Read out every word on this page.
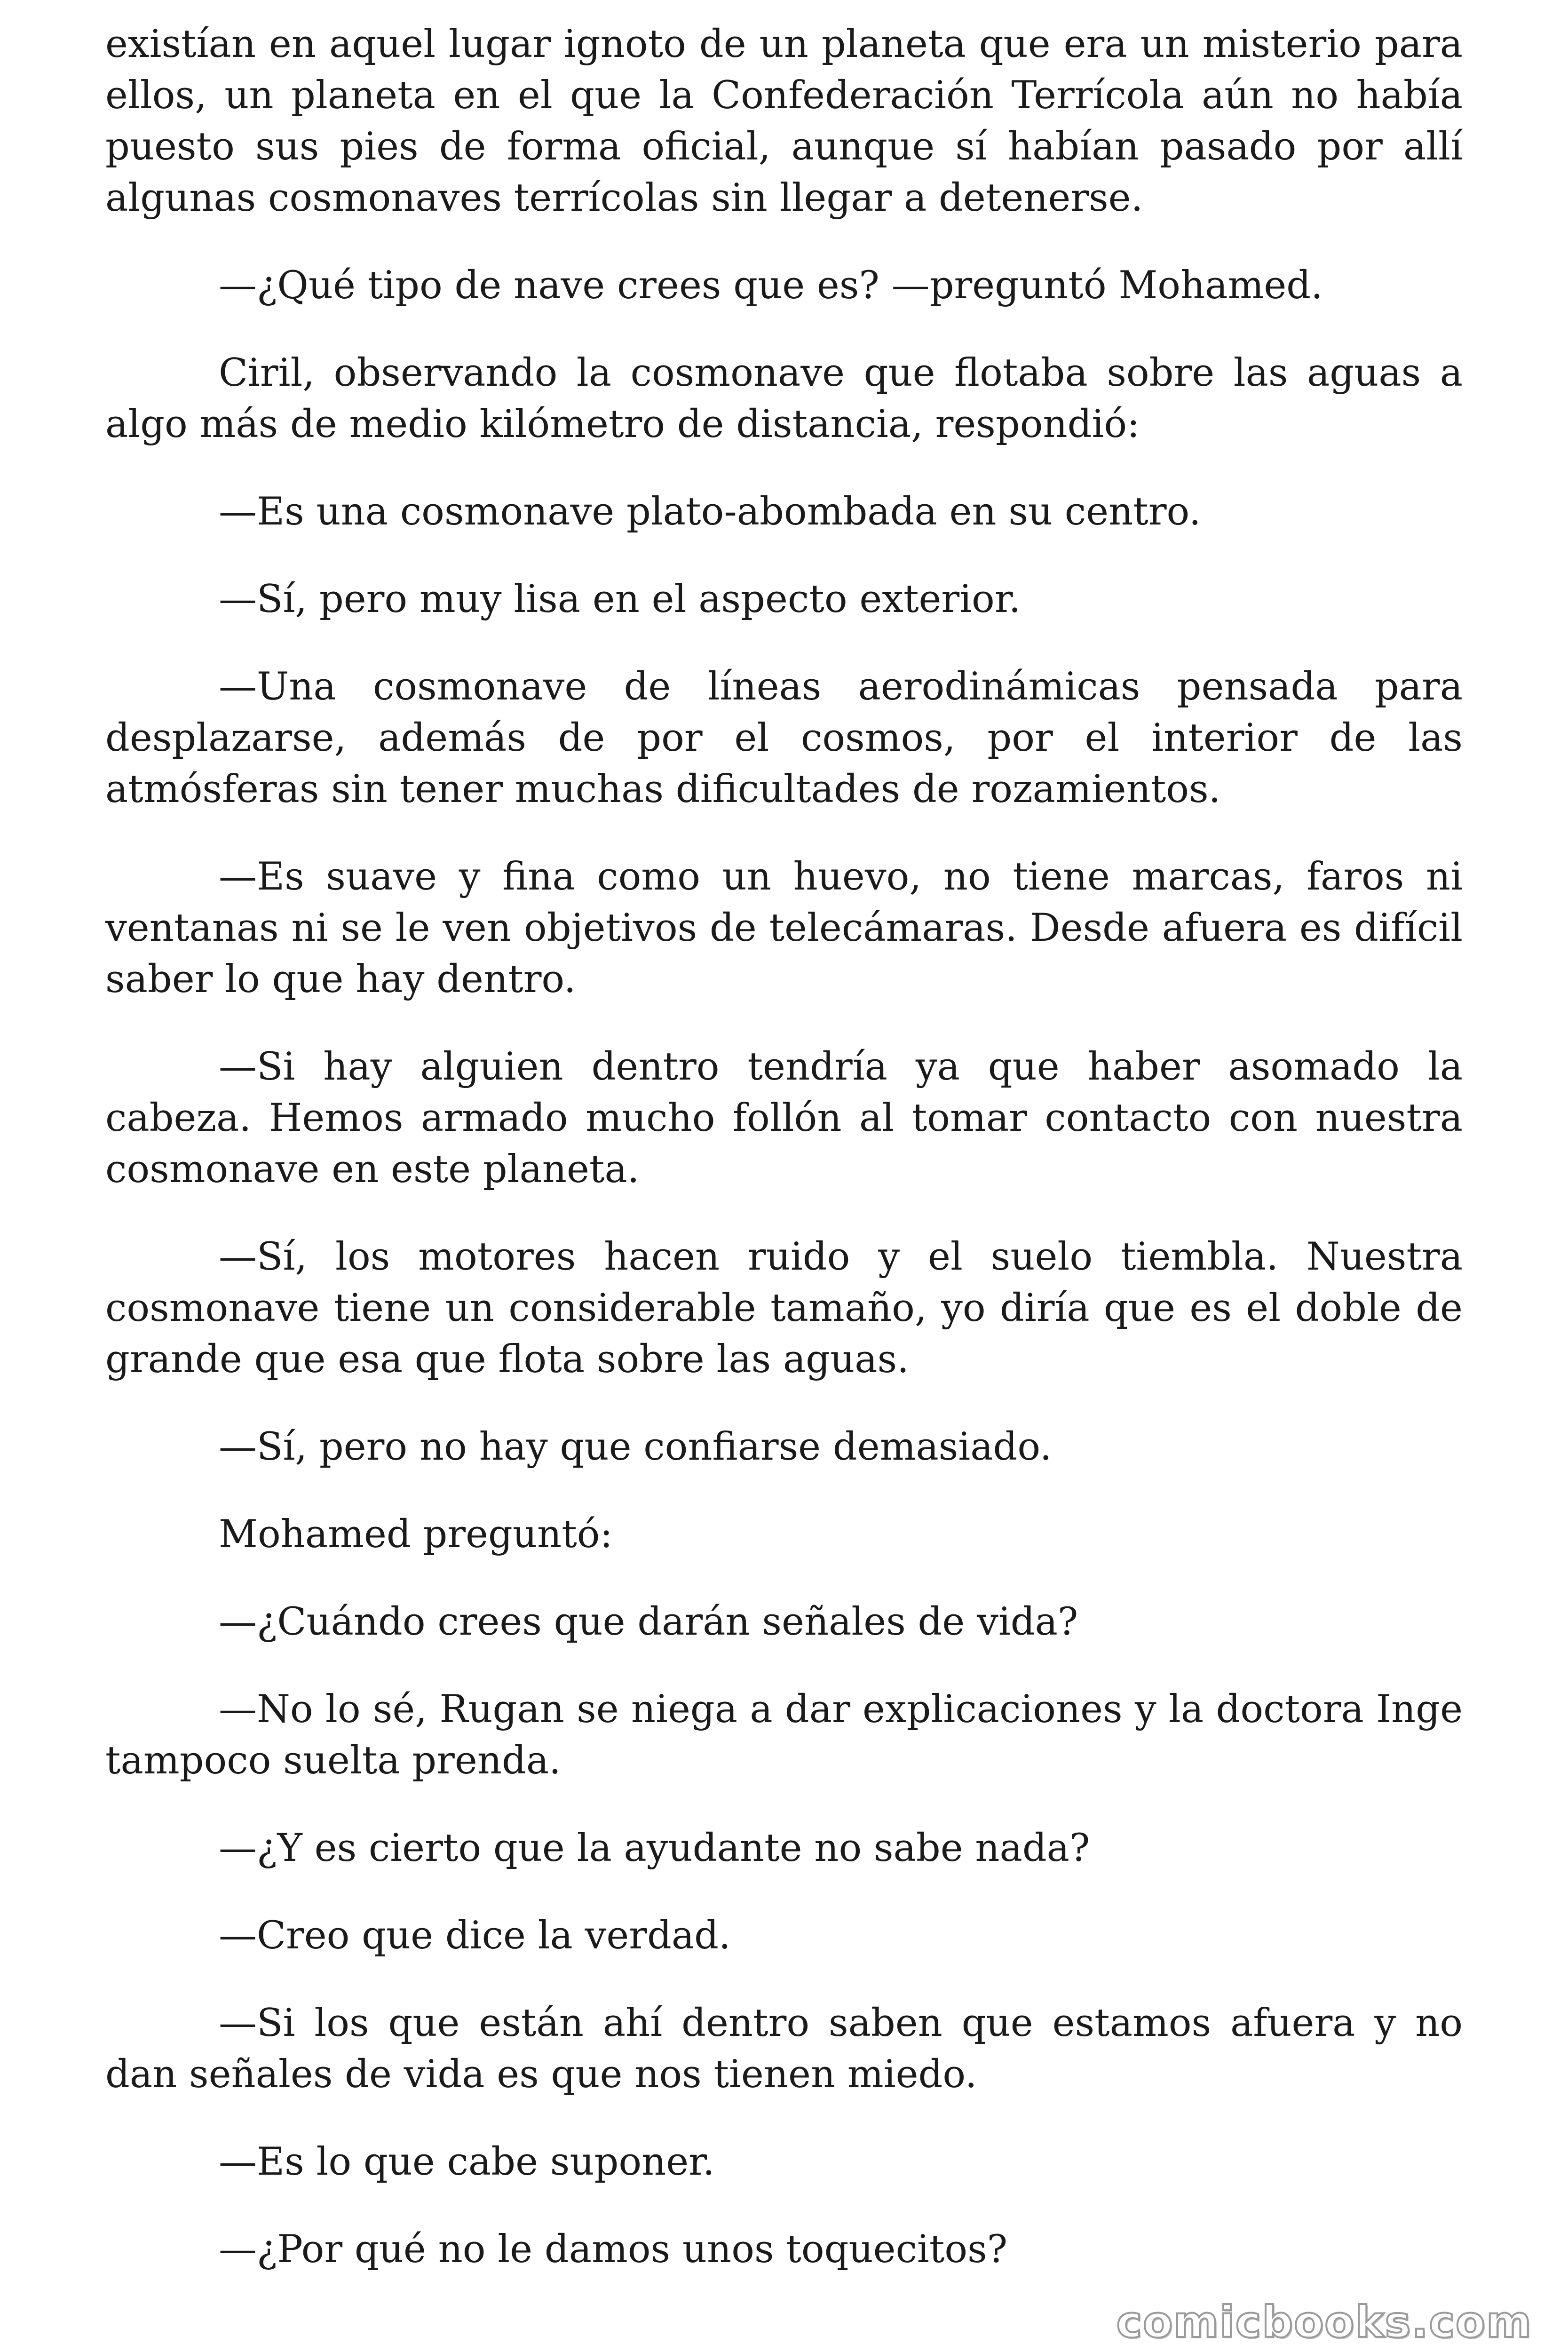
existían en aquel lugar ignoto de un planeta que era un misterio para ellos, un planeta en el que la Confederación Terrícola aún no había puesto sus pies de forma oficial, aunque sí habían pasado por allí algunas cosmonaves terrícolas sin llegar a detenerse.

—¿Qué tipo de nave crees que es? —preguntó Mohamed.

Ciril, observando la cosmonave que flotaba sobre las aguas a algo más de medio kilómetro de distancia, respondió:

—Es una cosmonave plato-abombada en su centro.

—Sí, pero muy lisa en el aspecto exterior.

—Una cosmonave de líneas aerodinámicas pensada para desplazarse, además de por el cosmos, por el interior de las atmósferas sin tener muchas dificultades de rozamientos.

—Es suave y fina como un huevo, no tiene marcas, faros ni ventanas ni se le ven objetivos de telecámaras. Desde afuera es difícil saber lo que hay dentro.

—Si hay alguien dentro tendría ya que haber asomado la cabeza. Hemos armado mucho follón al tomar contacto con nuestra cosmonave en este planeta.

—Sí, los motores hacen ruido y el suelo tiembla. Nuestra cosmonave tiene un considerable tamaño, yo diría que es el doble de grande que esa que flota sobre las aguas.

—Sí, pero no hay que confiarse demasiado.

Mohamed preguntó:

—¿Cuándo crees que darán señales de vida?

—No lo sé, Rugan se niega a dar explicaciones y la doctora Inge tampoco suelta prenda.

—¿Y es cierto que la ayudante no sabe nada?

—Creo que dice la verdad.

—Si los que están ahí dentro saben que estamos afuera y no dan señales de vida es que nos tienen miedo.

—Es lo que cabe suponer.

—¿Por qué no le damos unos toquecitos?

comicbooks.com
